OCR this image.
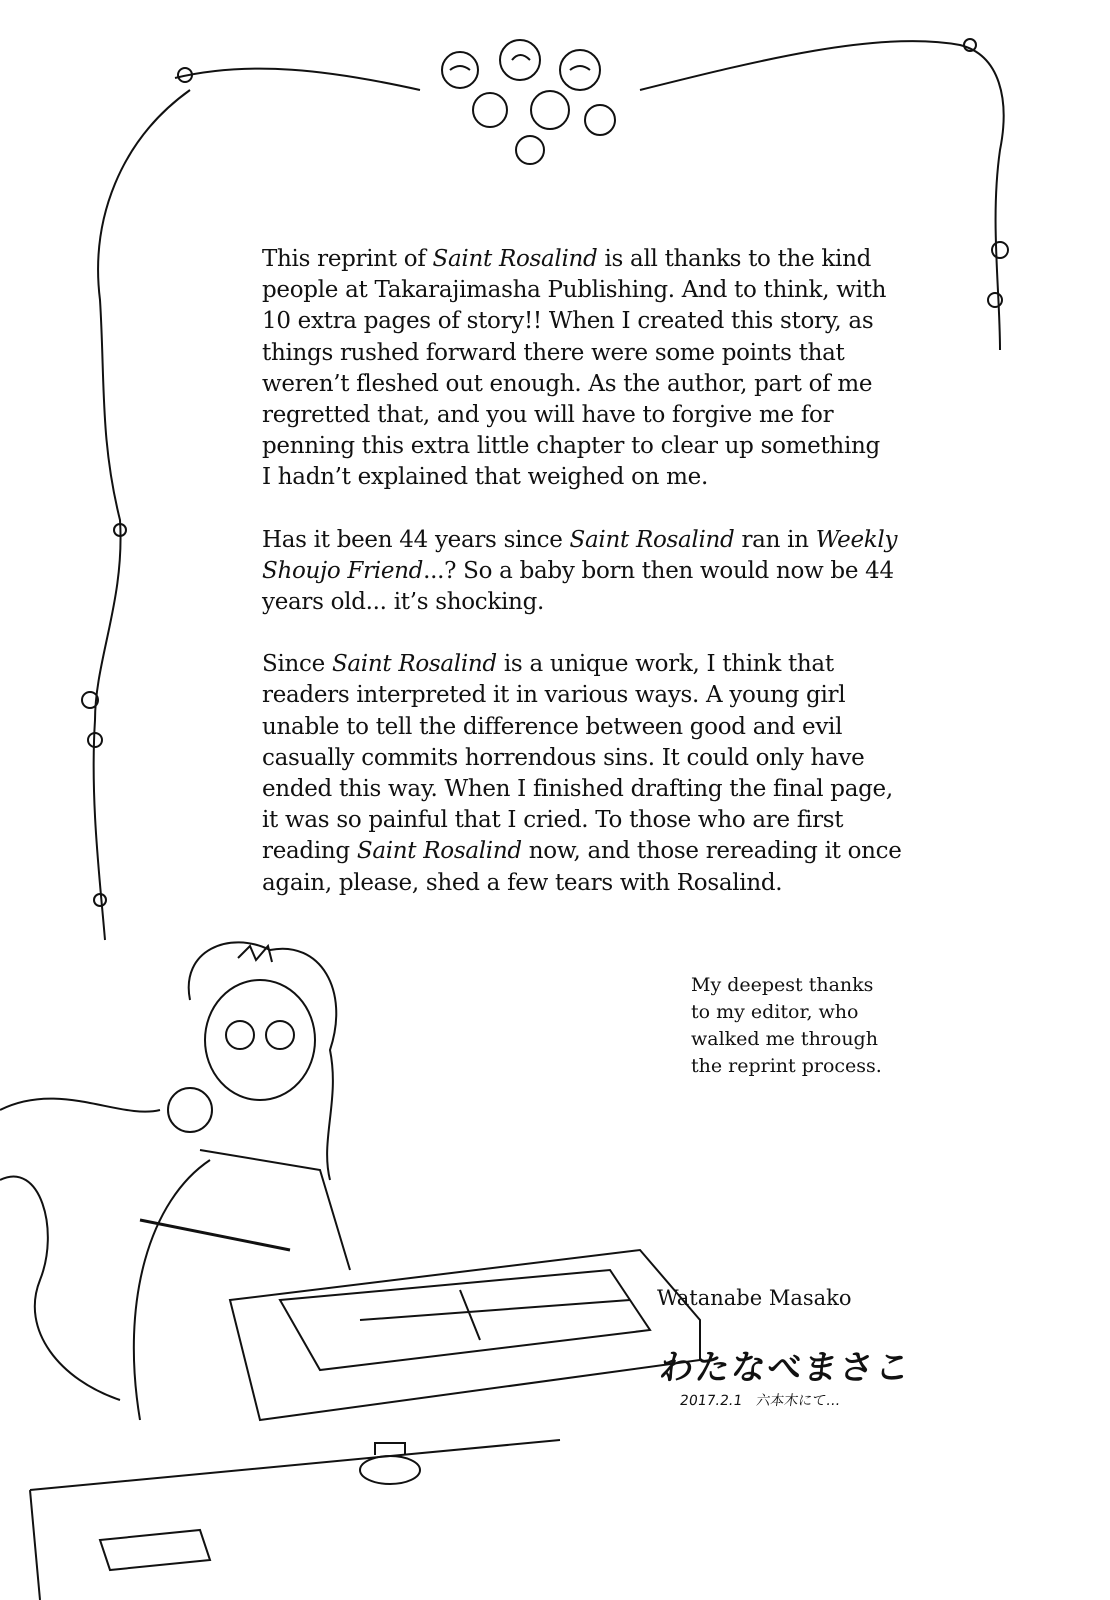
This reprint of Saint Rosalind is all thanks to the kind
people at Takarajimasha Publishing. And to think, with
10 extra pages of story!! When I created this story, as
things rushed forward there were some points that
weren’t fleshed out enough. As the author, part of me
regretted that, and you will have to forgive me for
penning this extra little chapter to clear up something
I hadn’t explained that weighed on me.
Has it been 44 years since Saint Rosalind ran in Weekly
Shoujo Friend...? So a baby born then would now be 44
years old... it’s shocking.
Since Saint Rosalind is a unique work, I think that
readers interpreted it in various ways. A young girl
unable to tell the difference between good and evil
casually commits horrendous sins. It could only have
ended this way. When I finished drafting the final page,
it was so painful that I cried. To those who are first
reading Saint Rosalind now, and those rereading it once
again, please, shed a few tears with Rosalind.
My deepest thanks
to my editor, who
walked me through
the reprint process.
Watanabe Masako
わたなべまさこ
2017.2.1　六本木にて…
